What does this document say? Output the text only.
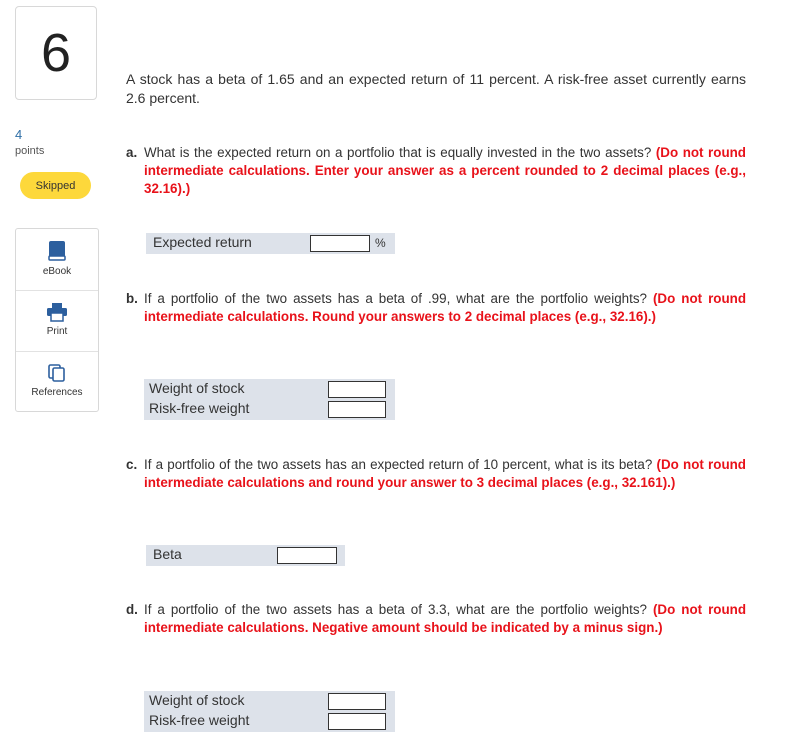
6
4
points
Skipped
eBook
Print
References
A stock has a beta of 1.65 and an expected return of 11 percent. A risk-free asset currently earns 2.6 percent.
a. What is the expected return on a portfolio that is equally invested in the two assets? (Do not round intermediate calculations. Enter your answer as a percent rounded to 2 decimal places (e.g., 32.16).)
Expected return	%
b. If a portfolio of the two assets has a beta of .99, what are the portfolio weights? (Do not round intermediate calculations. Round your answers to 2 decimal places (e.g., 32.16).)
Weight of stock
Risk-free weight
c. If a portfolio of the two assets has an expected return of 10 percent, what is its beta? (Do not round intermediate calculations and round your answer to 3 decimal places (e.g., 32.161).)
Beta
d. If a portfolio of the two assets has a beta of 3.3, what are the portfolio weights? (Do not round intermediate calculations. Negative amount should be indicated by a minus sign.)
Weight of stock
Risk-free weight
